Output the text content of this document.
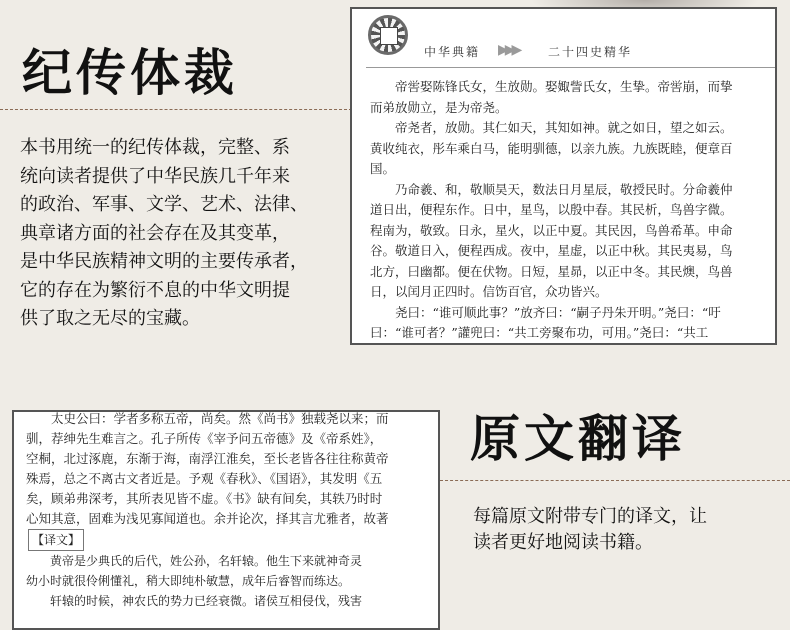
纪传体裁
本书用统一的纪传体裁，完整、系
统向读者提供了中华民族几千年来
的政治、军事、文学、艺术、法律、
典章诸方面的社会存在及其变革，
是中华民族精神文明的主要传承者，
它的存在为繁衍不息的中华文明提
供了取之无尽的宝藏。
中华典籍 ▶▶▶ 二十四史精华

帝喾娶陈锋氏女，生放勋。娶娵訾氏女，生挚。帝喾崩，而挚

而弟放勋立，是为帝尧。

帝尧者，放勋。其仁如天，其知如神。就之如日，望之如云。

黄收纯衣，彤车乘白马，能明驯德，以亲九族。九族既睦，便章百

国。

乃命羲、和，敬顺昊天，数法日月星辰，敬授民时。分命羲仲

道日出，便程东作。日中，星鸟，以殷中春。其民析，鸟兽字微。

程南为，敬致。日永，星火，以正中夏。其民因，鸟兽希革。申命

谷。敬道日入，便程西成。夜中，星虚，以正中秋。其民夷易，鸟

北方，曰幽都。便在伏物。日短，星昴，以正中冬。其民燠，鸟兽

日，以闰月正四时。信饬百官，众功皆兴。

尧曰：“谁可顺此事？”放齐曰：“嗣子丹朱开明。”尧曰：“吁

曰：“谁可者？”讙兜曰：“共工旁聚布功，可用。”尧曰：“共工

太史公曰：学者多称五帝，尚矣。然《尚书》独载尧以来；而

驯，荐绅先生难言之。孔子所传《宰予问五帝德》及《帝系姓》，

空桐，北过涿鹿，东渐于海，南浮江淮矣，至长老皆各往往称黄帝

殊焉，总之不离古文者近是。予观《春秋》、《国语》，其发明《五

矣，顾弟弗深考，其所表见皆不虚。《书》缺有间矣，其轶乃时时

心知其意，固难为浅见寡闻道也。余并论次，择其言尤雅者，故著

【译文】

黄帝是少典氏的后代，姓公孙，名轩辕。他生下来就神奇灵

幼小时就很伶俐懂礼，稍大即纯朴敏慧，成年后睿智而练达。

轩辕的时候，神农氏的势力已经衰微。诸侯互相侵伐，残害

原文翻译
每篇原文附带专门的译文，让
读者更好地阅读书籍。
